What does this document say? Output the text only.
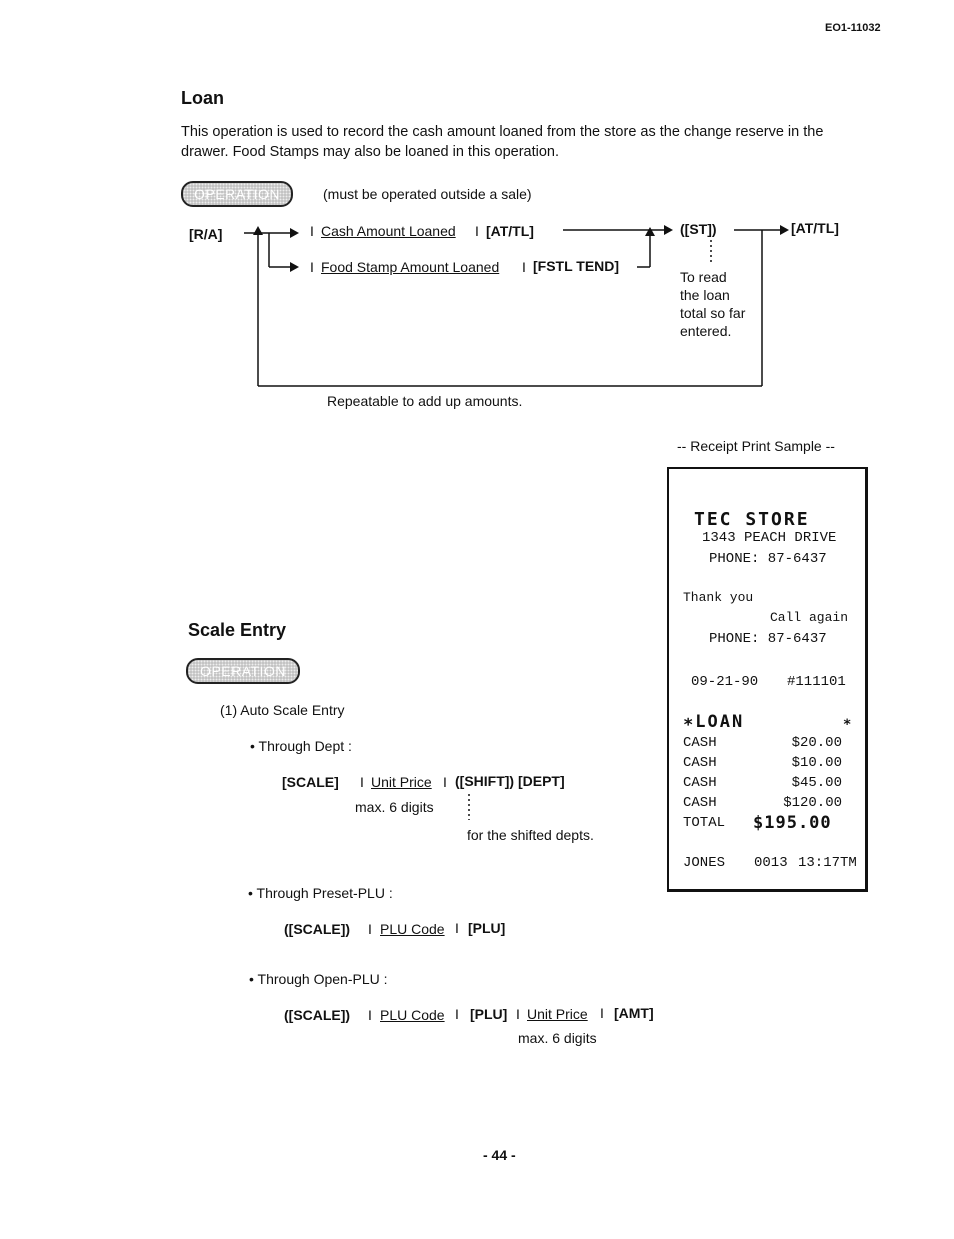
EO1-11032
Loan
This operation is used to record the cash amount loaned from the store as the change reserve in the drawer. Food Stamps may also be loaned in this operation.
OPERATION	(must be operated outside a sale)
[R/A]	I Cash Amount Loaned I [AT/TL]
I Food Stamp Amount Loaned I [FSTL TEND]
([ST])	[AT/TL]
To read
the loan
total so far
entered.
Repeatable to add up amounts.
-- Receipt Print Sample --
TEC STORE
1343 PEACH DRIVE
PHONE: 87-6437
Thank you
Call again
PHONE: 87-6437
09-21-90 #111101
∗LOAN	∗
CASH	$20.00
CASH	$10.00
CASH	$45.00
CASH	$120.00
TOTAL $195.00
JONES 0013 13:17TM
Scale Entry
OPERATION
(1) Auto Scale Entry
• Through Dept :
[SCALE] I Unit Price I ([SHIFT]) [DEPT]
max. 6 digits
for the shifted depts.
• Through Preset-PLU :
([SCALE]) I PLU Code I [PLU]
• Through Open-PLU :
([SCALE]) I PLU Code I [PLU] I Unit Price I [AMT]
max. 6 digits
- 44 -
